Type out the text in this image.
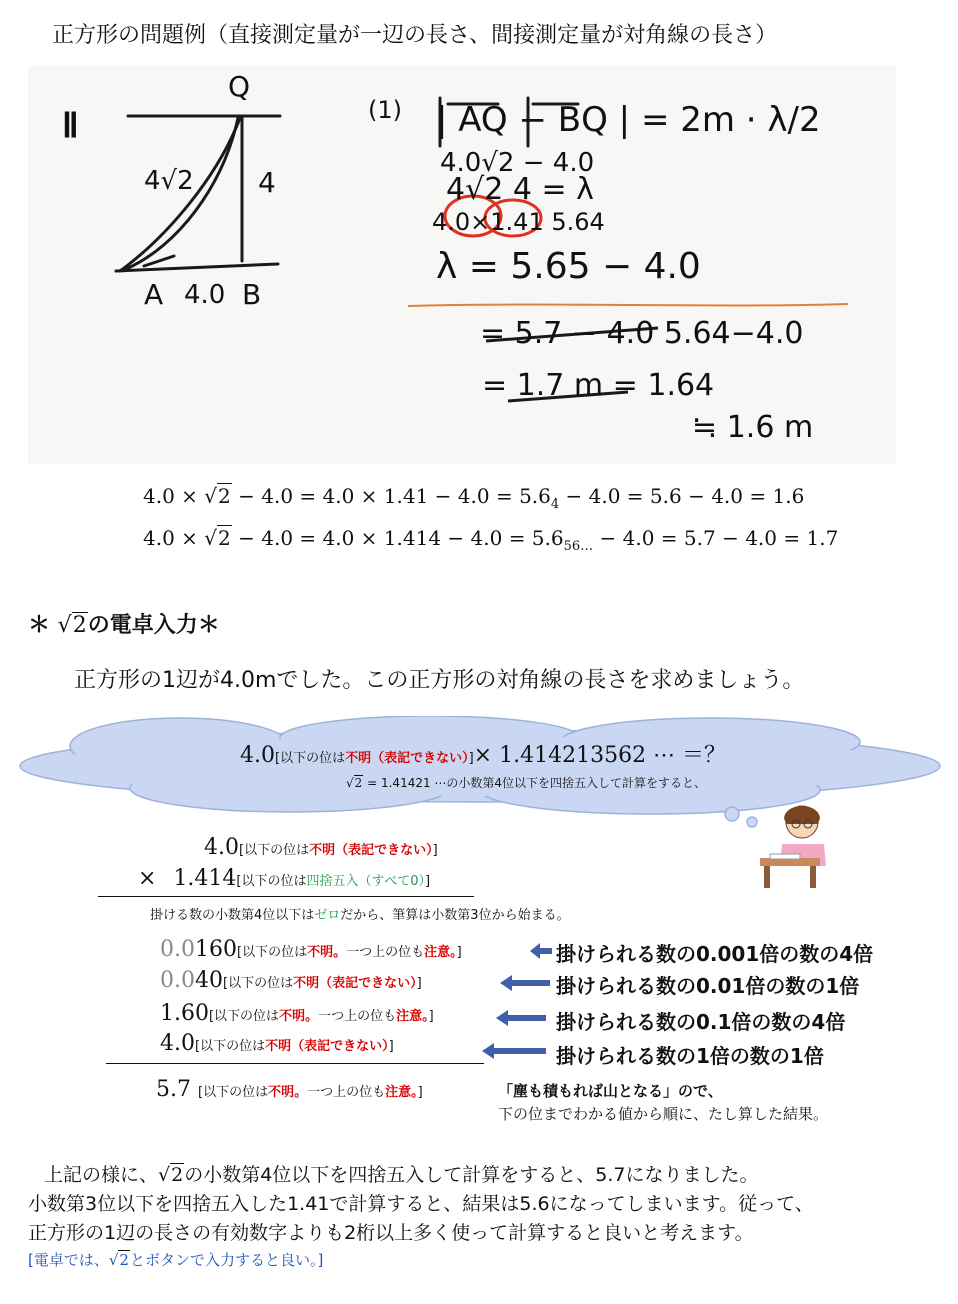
正方形の問題例（直接測定量が一辺の長さ、間接測定量が対角線の長さ）
Ⅱ
Q
4√2 4
A 4.0 B
(1) | AQ − BQ | = 2m · λ/2
4.0√2 − 4.0
4√2 4 = λ
4.0×1.41 5.64
λ = 5.65 − 4.0
= 5.7 − 4.0 5.64−4.0
= 1.7 m = 1.64
≒ 1.6 m
$4.0 \times √2 - 4.0 = 4.0 \times 1.41 - 4.0 = 5.6_4 - 4.0 = 5.6 - 4.0 = 1.6$
$4.0 \times √2 - 4.0 = 4.0 \times 1.414 - 4.0 = 5.6_{56\dots} - 4.0 = 5.7 - 4.0 = 1.7$
＊ √2の電卓入力＊
正方形の1辺が4.0mでした。この正方形の対角線の長さを求めましょう。
4.0[以下の位は不明（表記できない）]× 1.414213562 ⋯ ＝？
√2 = 1.41421 ⋯の小数第4位以下を四捨五入して計算をすると、
4.0[以下の位は不明（表記できない）]
× 1.414[以下の位は四捨五入（すべて0）]
掛ける数の小数第4位以下はゼロだから、筆算は小数第3位から始まる。
0.0160[以下の位は不明。一つ上の位も注意。]
0.040[以下の位は不明（表記できない）]
1.60[以下の位は不明。一つ上の位も注意。]
4.0[以下の位は不明（表記できない）]
5.7 [以下の位は不明。一つ上の位も注意。]
掛けられる数の0.001倍の数の4倍
掛けられる数の0.01倍の数の1倍
掛けられる数の0.1倍の数の4倍
掛けられる数の1倍の数の1倍
「塵も積もれば山となる」ので、
下の位までわかる値から順に、たし算した結果。
上記の様に、√2の小数第4位以下を四捨五入して計算をすると、5.7になりました。
小数第3位以下を四捨五入した1.41で計算すると、結果は5.6になってしまいます。従って、
正方形の1辺の長さの有効数字よりも2桁以上多く使って計算すると良いと考えます。
[電卓では、√2とボタンで入力すると良い。]
